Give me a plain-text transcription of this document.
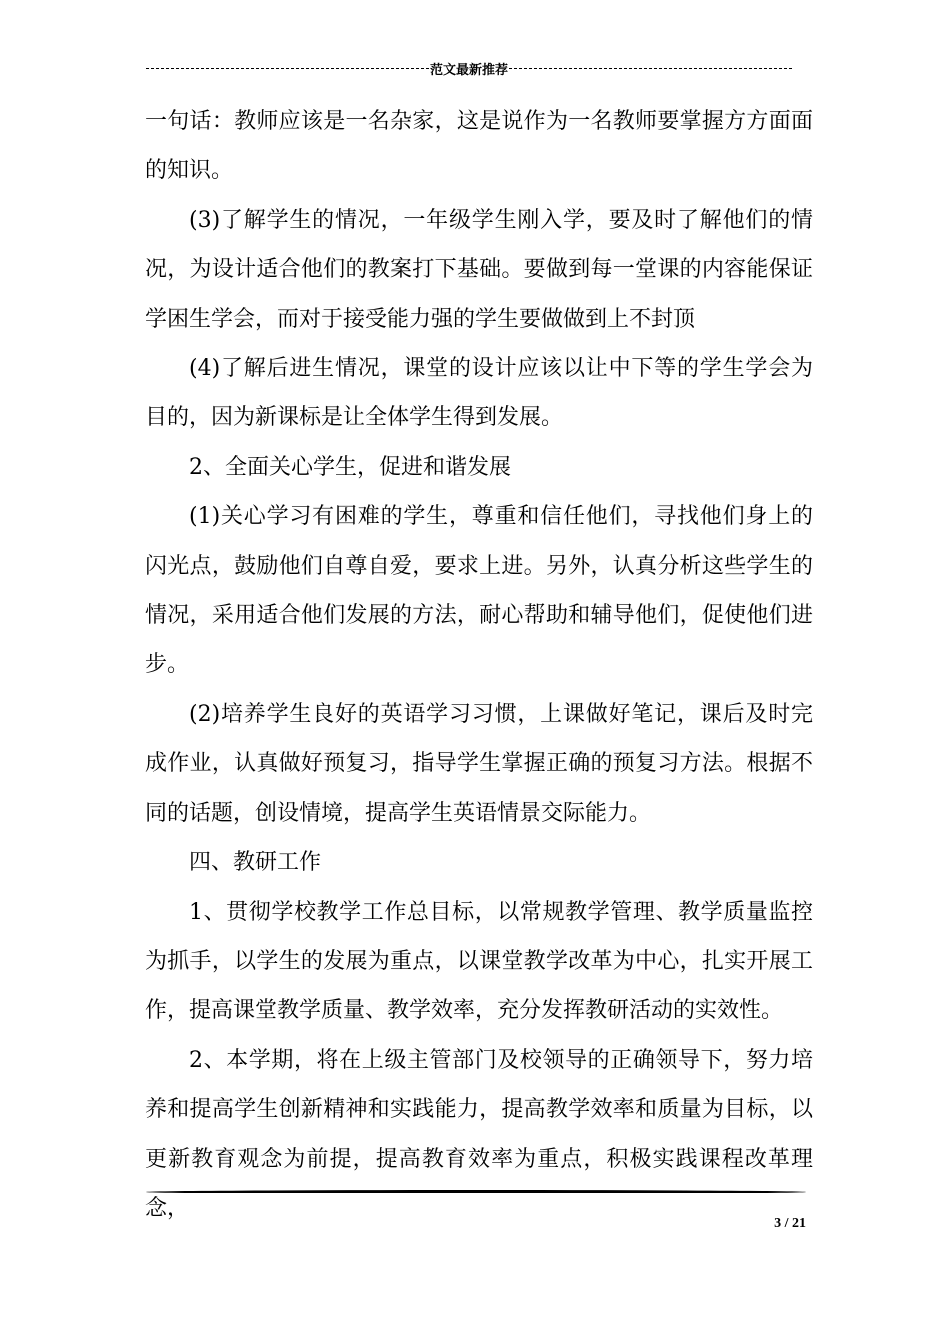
范文最新推荐

一句话：教师应该是一名杂家，这是说作为一名教师要掌握方方面面的知识。

(3)了解学生的情况，一年级学生刚入学，要及时了解他们的情况，为设计适合他们的教案打下基础。要做到每一堂课的内容能保证学困生学会，而对于接受能力强的学生要做做到上不封顶

(4)了解后进生情况，课堂的设计应该以让中下等的学生学会为目的，因为新课标是让全体学生得到发展。

2、全面关心学生，促进和谐发展

(1)关心学习有困难的学生，尊重和信任他们，寻找他们身上的闪光点，鼓励他们自尊自爱，要求上进。另外，认真分析这些学生的情况，采用适合他们发展的方法，耐心帮助和辅导他们，促使他们进步。

(2)培养学生良好的英语学习习惯，上课做好笔记，课后及时完成作业，认真做好预复习，指导学生掌握正确的预复习方法。根据不同的话题，创设情境，提高学生英语情景交际能力。

四、教研工作

1、贯彻学校教学工作总目标，以常规教学管理、教学质量监控为抓手，以学生的发展为重点，以课堂教学改革为中心，扎实开展工作，提高课堂教学质量、教学效率，充分发挥教研活动的实效性。

2、本学期，将在上级主管部门及校领导的正确领导下，努力培养和提高学生创新精神和实践能力，提高教学效率和质量为目标，以更新教育观念为前提，提高教育效率为重点，积极实践课程改革理念，

3 / 21
